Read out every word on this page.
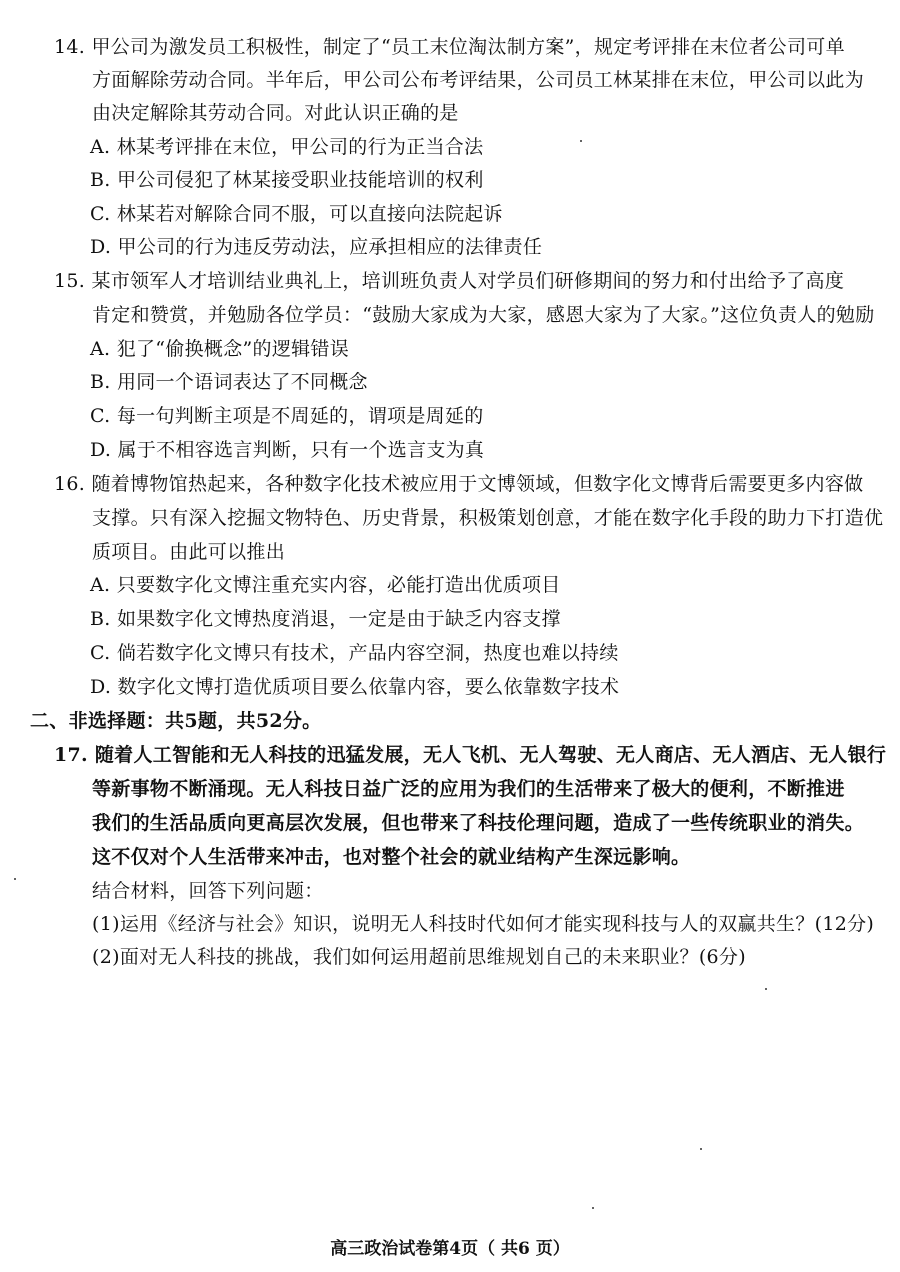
14. 甲公司为激发员工积极性，制定了“员工末位淘汰制方案”，规定考评排在末位者公司可单
方面解除劳动合同。半年后，甲公司公布考评结果，公司员工林某排在末位，甲公司以此为
由决定解除其劳动合同。对此认识正确的是
A. 林某考评排在末位，甲公司的行为正当合法
B. 甲公司侵犯了林某接受职业技能培训的权利
C. 林某若对解除合同不服，可以直接向法院起诉
D. 甲公司的行为违反劳动法，应承担相应的法律责任
15. 某市领军人才培训结业典礼上，培训班负责人对学员们研修期间的努力和付出给予了高度
肯定和赞赏，并勉励各位学员：“鼓励大家成为大家，感恩大家为了大家。”这位负责人的勉励
A. 犯了“偷换概念”的逻辑错误
B. 用同一个语词表达了不同概念
C. 每一句判断主项是不周延的，谓项是周延的
D. 属于不相容选言判断，只有一个选言支为真
16. 随着博物馆热起来，各种数字化技术被应用于文博领域，但数字化文博背后需要更多内容做
支撑。只有深入挖掘文物特色、历史背景，积极策划创意，才能在数字化手段的助力下打造优
质项目。由此可以推出
A. 只要数字化文博注重充实内容，必能打造出优质项目
B. 如果数字化文博热度消退，一定是由于缺乏内容支撑
C. 倘若数字化文博只有技术，产品内容空洞，热度也难以持续
D. 数字化文博打造优质项目要么依靠内容，要么依靠数字技术
二、非选择题：共5题，共52分。
17. 随着人工智能和无人科技的迅猛发展，无人飞机、无人驾驶、无人商店、无人酒店、无人银行
等新事物不断涌现。无人科技日益广泛的应用为我们的生活带来了极大的便利，不断推进
我们的生活品质向更高层次发展，但也带来了科技伦理问题，造成了一些传统职业的消失。
这不仅对个人生活带来冲击，也对整个社会的就业结构产生深远影响。
结合材料，回答下列问题：
(1)运用《经济与社会》知识，说明无人科技时代如何才能实现科技与人的双赢共生？(12分)
(2)面对无人科技的挑战，我们如何运用超前思维规划自己的未来职业？(6分)
高三政治试卷第4页（ 共6 页）
